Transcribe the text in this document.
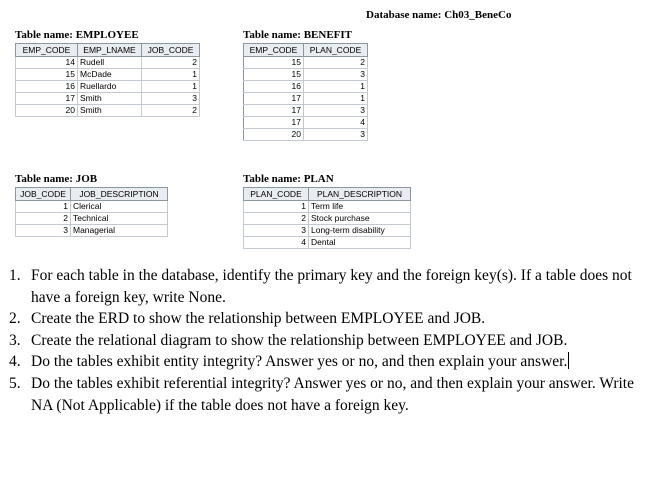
Database name: Ch03_BeneCo
Table name: EMPLOYEE
EMP_CODE	EMP_LNAME	JOB_CODE
14	Rudell	2
15	McDade	1
16	Ruellardo	1
17	Smith	3
20	Smith	2
Table name: BENEFIT
EMP_CODE	PLAN_CODE
15	2
15	3
16	1
17	1
17	3
17	4
20	3
Table name: JOB
JOB_CODE	JOB_DESCRIPTION
1	Clerical
2	Technical
3	Managerial
Table name: PLAN
PLAN_CODE	PLAN_DESCRIPTION
1	Term life
2	Stock purchase
3	Long-term disability
4	Dental
1. For each table in the database, identify the primary key and the foreign key(s). If a table does not have a foreign key, write None.
2. Create the ERD to show the relationship between EMPLOYEE and JOB.
3. Create the relational diagram to show the relationship between EMPLOYEE and JOB.
4. Do the tables exhibit entity integrity? Answer yes or no, and then explain your answer.
5. Do the tables exhibit referential integrity? Answer yes or no, and then explain your answer. Write NA (Not Applicable) if the table does not have a foreign key.
